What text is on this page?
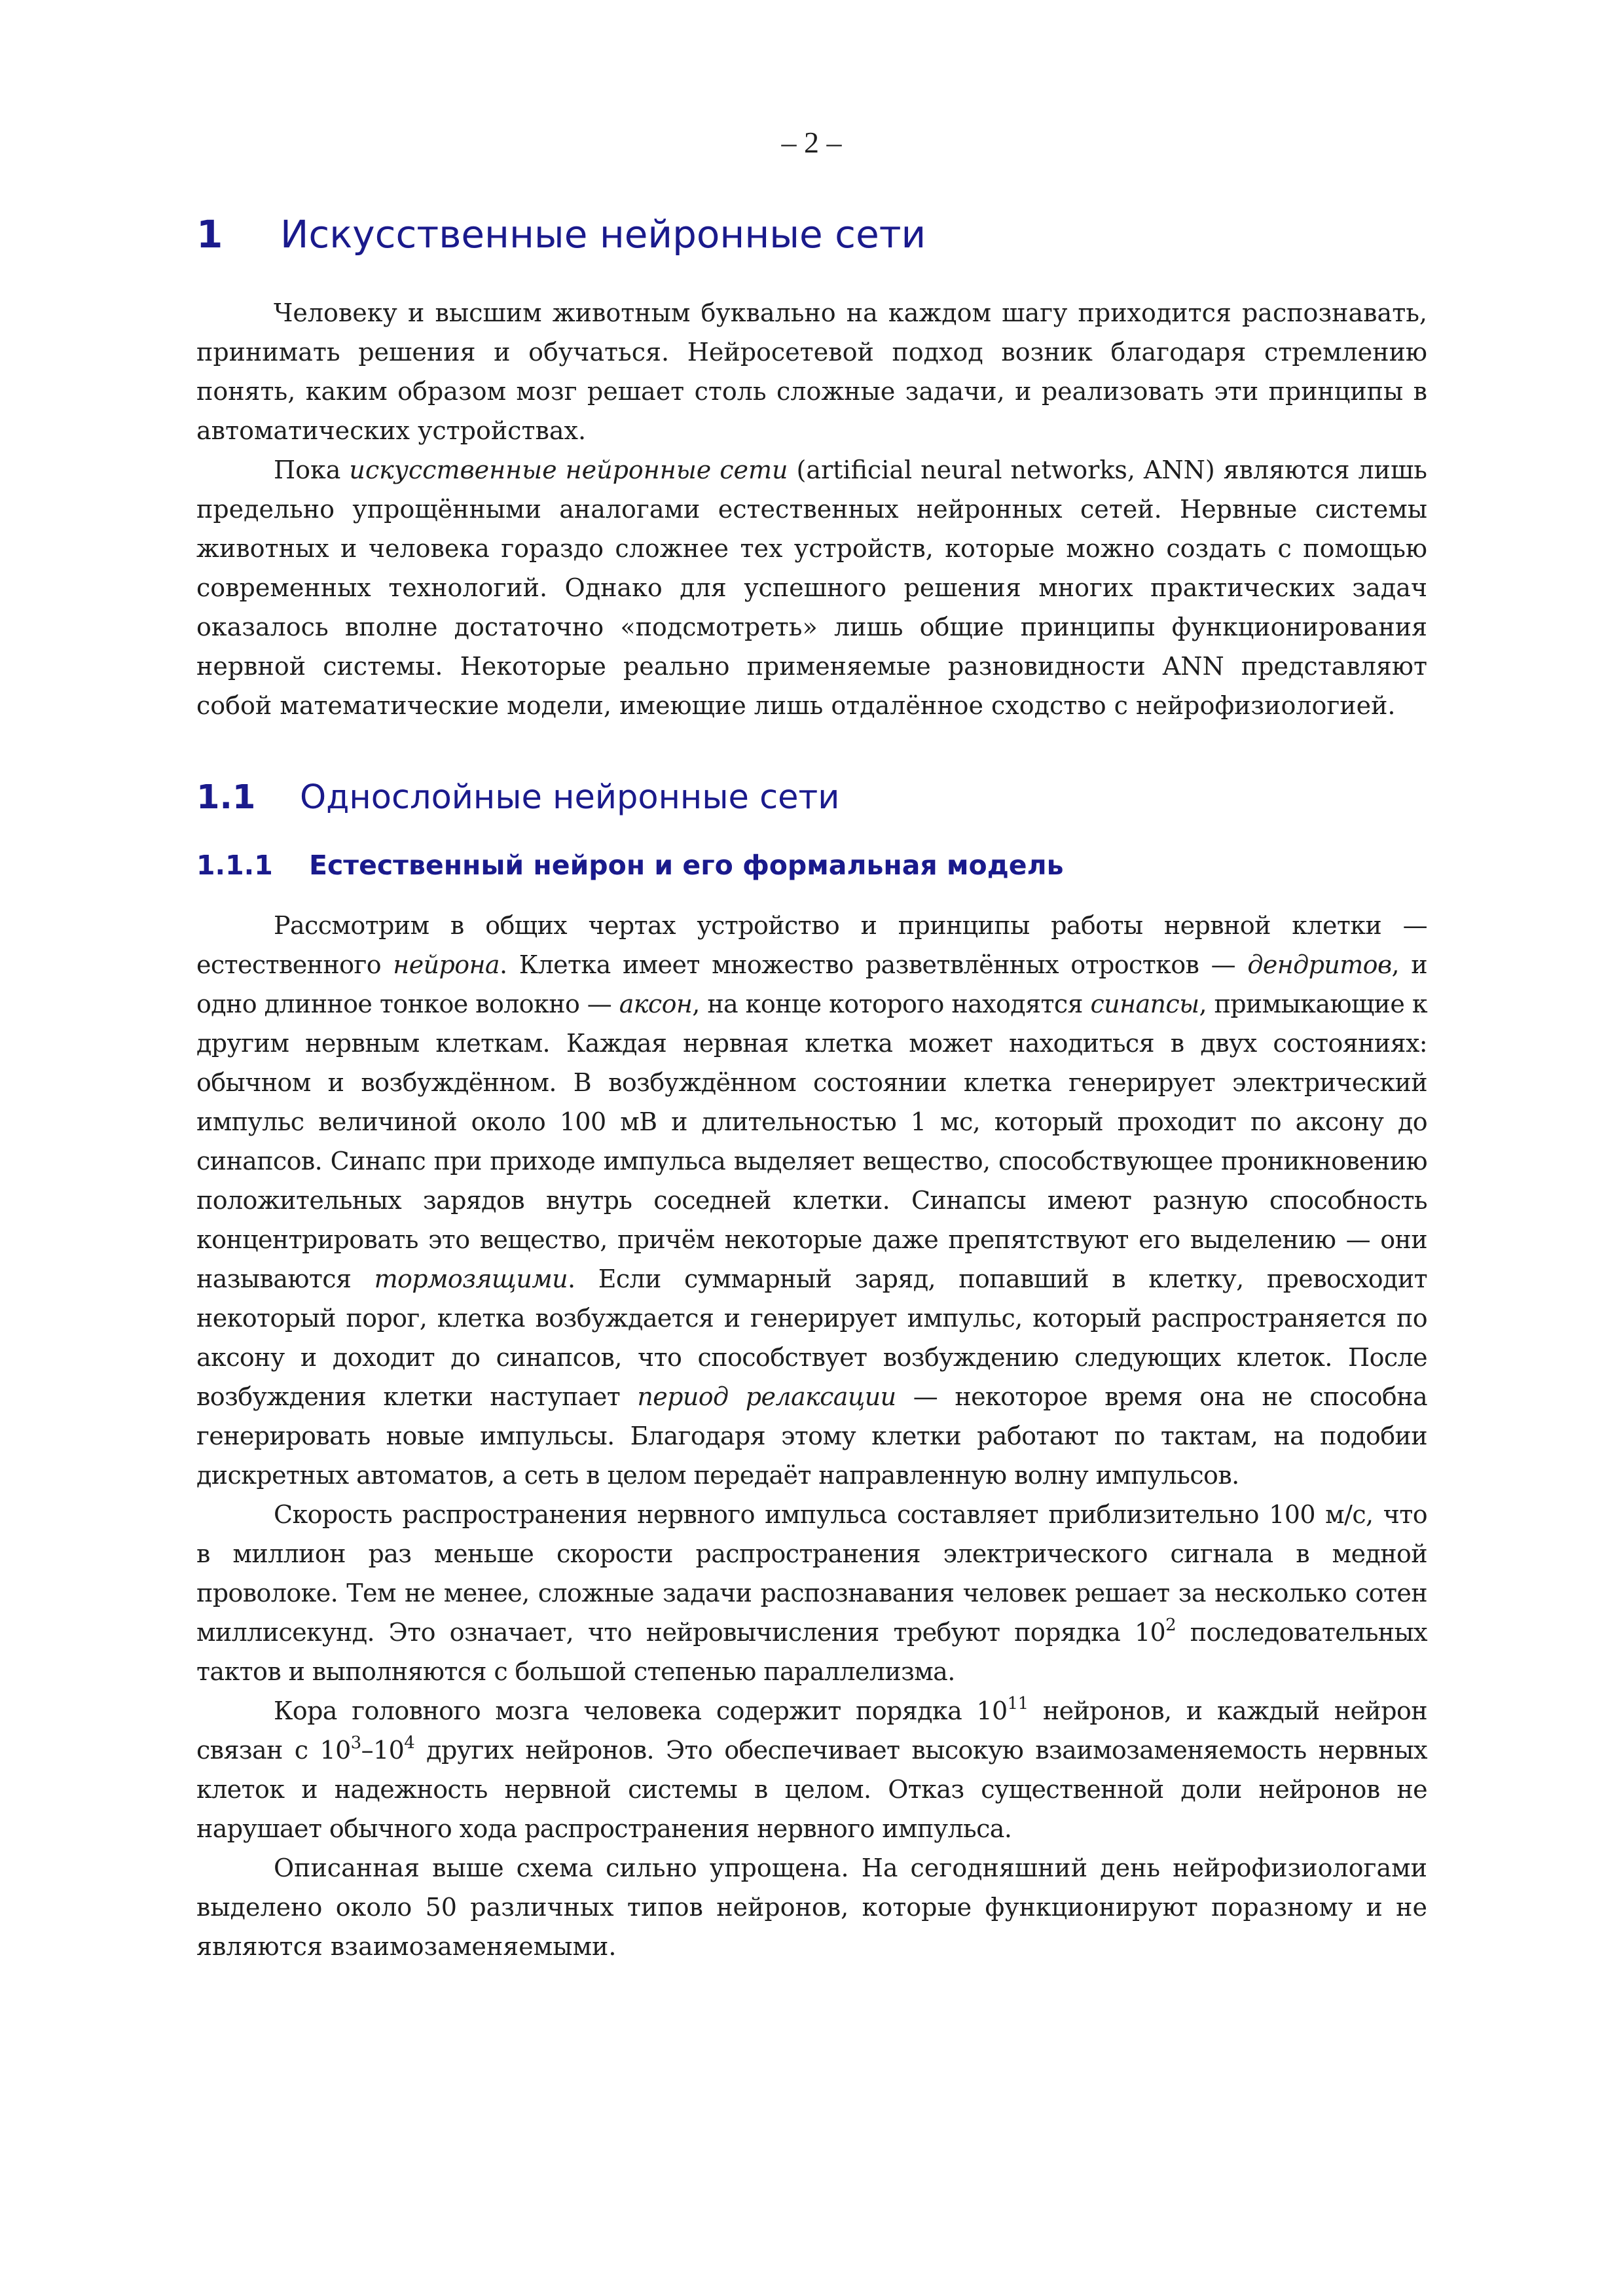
– 2 –
1 Искусственные нейронные сети

Человеку и высшим животным буквально на каждом шагу приходится распознавать, принимать решения и обучаться. Нейросетевой подход возник благодаря стремлению понять, каким образом мозг решает столь сложные задачи, и реализовать эти принципы в автоматических устройствах.

Пока искусственные нейронные сети (artificial neural networks, ANN) являются лишь предельно упрощёнными аналогами естественных нейронных сетей. Нервные системы животных и человека гораздо сложнее тех устройств, которые можно создать с помощью современных технологий. Однако для успешного решения многих практических задач оказалось вполне достаточно «подсмотреть» лишь общие принципы функционирования нервной системы. Некоторые реально применяемые разновидности ANN представляют собой математические модели, имеющие лишь отдалённое сходство с нейрофизиологией.

1.1 Однослойные нейронные сети
1.1.1 Естественный нейрон и его формальная модель

Рассмотрим в общих чертах устройство и принципы работы нервной клетки — естественного нейрона. Клетка имеет множество разветвлённых отростков — дендритов, и одно длинное тонкое волокно — аксон, на конце которого находятся синапсы, примыкающие к другим нервным клеткам. Каждая нервная клетка может находиться в двух состояниях: обычном и возбуждённом. В возбуждённом состоянии клетка генерирует электрический импульс величиной около 100 мВ и длительностью 1 мс, который проходит по аксону до синапсов. Синапс при приходе импульса выделяет вещество, способствующее проникновению положительных зарядов внутрь соседней клетки. Синапсы имеют разную способность концентрировать это вещество, причём некоторые даже препятствуют его выделению — они называются тормозящими. Если суммарный заряд, попавший в клетку, превосходит некоторый порог, клетка возбуждается и генерирует импульс, который распространяется по аксону и доходит до синапсов, что способствует возбуждению следующих клеток. После возбуждения клетки наступает период релаксации — некоторое время она не способна генерировать новые импульсы. Благодаря этому клетки работают по тактам, на подобии дискретных автоматов, а сеть в целом передаёт направленную волну импульсов.

Скорость распространения нервного импульса составляет приблизительно 100 м/с, что в миллион раз меньше скорости распространения электрического сигнала в медной проволоке. Тем не менее, сложные задачи распознавания человек решает за несколько сотен миллисекунд. Это означает, что нейровычисления требуют порядка $10^2$ последовательных тактов и выполняются с большой степенью параллелизма.

Кора головного мозга человека содержит порядка $10^{11}$ нейронов, и каждый нейрон связан с $10^3-10^4$ других нейронов. Это обеспечивает высокую взаимозаменяемость нервных клеток и надежность нервной системы в целом. Отказ существенной доли нейронов не нарушает обычного хода распространения нервного импульса.

Описанная выше схема сильно упрощена. На сегодняшний день нейрофизиологами выделено около 50 различных типов нейронов, которые функционируют поразному и не являются взаимозаменяемыми.
